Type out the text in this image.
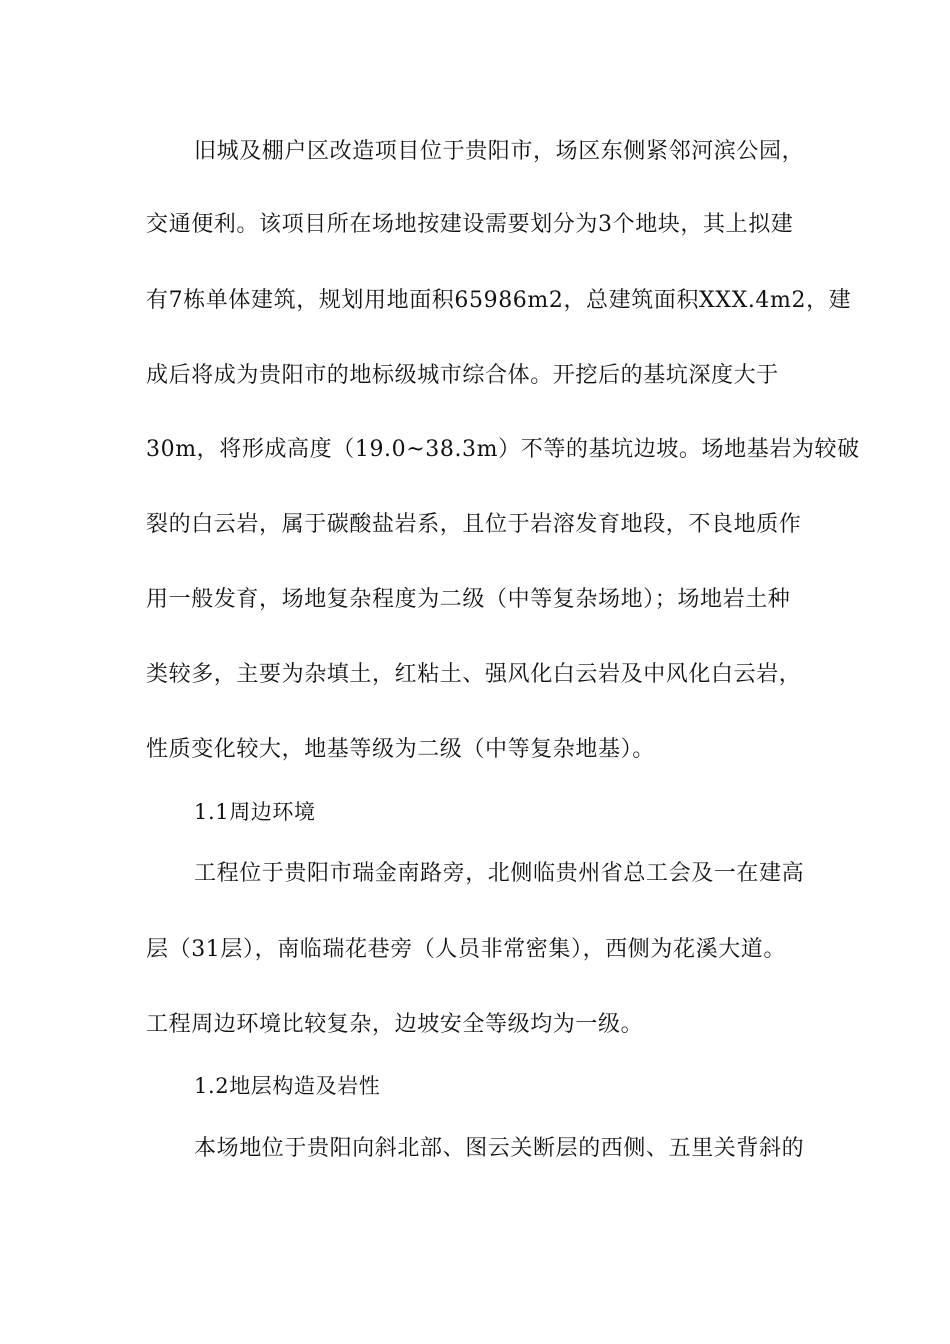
旧城及棚户区改造项目位于贵阳市，场区东侧紧邻河滨公园，
交通便利。该项目所在场地按建设需要划分为3个地块，其上拟建
有7栋单体建筑，规划用地面积65986m2，总建筑面积XXX.4m2，建
成后将成为贵阳市的地标级城市综合体。开挖后的基坑深度大于
30m，将形成高度（19.0~38.3m）不等的基坑边坡。场地基岩为较破
裂的白云岩，属于碳酸盐岩系，且位于岩溶发育地段，不良地质作
用一般发育，场地复杂程度为二级（中等复杂场地）；场地岩土种
类较多，主要为杂填土，红粘土、强风化白云岩及中风化白云岩，
性质变化较大，地基等级为二级（中等复杂地基）。
1.1周边环境
工程位于贵阳市瑞金南路旁，北侧临贵州省总工会及一在建高
层（31层），南临瑞花巷旁（人员非常密集），西侧为花溪大道。
工程周边环境比较复杂，边坡安全等级均为一级。
1.2地层构造及岩性
本场地位于贵阳向斜北部、图云关断层的西侧、五里关背斜的
